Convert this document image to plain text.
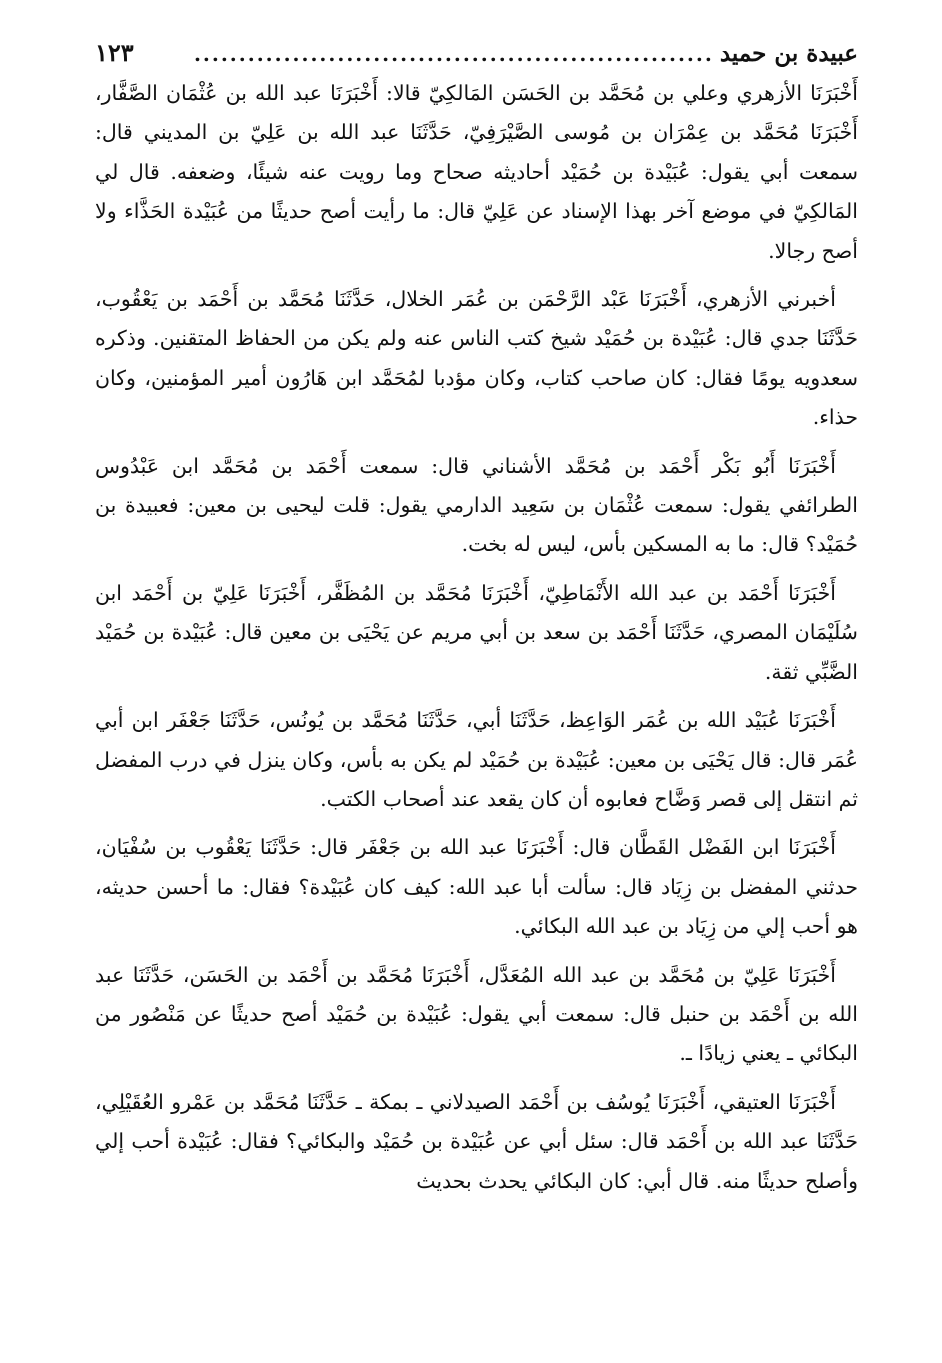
عبيدة بن حميد
..........................................................
١٢٣

أَخْبَرَنَا الأزهري وعلي بن مُحَمَّد بن الحَسَن المَالكِيّ قالا: أَخْبَرَنَا عبد الله بن عُثْمَان الصَّفَّار، أَخْبَرَنَا مُحَمَّد بن عِمْرَان بن مُوسى الصَّيْرَفِيّ، حَدَّثَنَا عبد الله بن عَلِيّ بن المديني قال: سمعت أبي يقول: عُبَيْدة بن حُمَيْد أحاديثه صحاح وما رويت عنه شيئًا، وضعفه. قال لي المَالكِيّ في موضع آخر بهذا الإسناد عن عَلِيّ قال: ما رأيت أصح حديثًا من عُبَيْدة الحَذَّاء ولا أصح رجالا.

أخبرني الأزهري، أَخْبَرَنَا عَبْد الرَّحْمَن بن عُمَر الخلال، حَدَّثَنَا مُحَمَّد بن أَحْمَد بن يَعْقُوب، حَدَّثَنَا جدي قال: عُبَيْدة بن حُمَيْد شيخ كتب الناس عنه ولم يكن من الحفاظ المتقنين. وذكره سعدويه يومًا فقال: كان صاحب كتاب، وكان مؤدبا لمُحَمَّد ابن هَارُون أمير المؤمنين، وكان حذاء.

أَخْبَرَنَا أَبُو بَكْر أَحْمَد بن مُحَمَّد الأشناني قال: سمعت أَحْمَد بن مُحَمَّد ابن عَبْدُوس الطرائفي يقول: سمعت عُثْمَان بن سَعِيد الدارمي يقول: قلت ليحيى بن معين: فعبيدة بن حُمَيْد؟ قال: ما به المسكين بأس، ليس له بخت.

أَخْبَرَنَا أَحْمَد بن عبد الله الأَنْمَاطِيّ، أَخْبَرَنَا مُحَمَّد بن المُظَفَّر، أَخْبَرَنَا عَلِيّ بن أَحْمَد ابن سُلَيْمَان المصري، حَدَّثَنَا أَحْمَد بن سعد بن أبي مريم عن يَحْيَى بن معين قال: عُبَيْدة بن حُمَيْد الضَّبِّي ثقة.

أَخْبَرَنَا عُبَيْد الله بن عُمَر الوَاعِظ، حَدَّثَنَا أبي، حَدَّثَنَا مُحَمَّد بن يُونُس، حَدَّثَنَا جَعْفَر ابن أبي عُمَر قال: قال يَحْيَى بن معين: عُبَيْدة بن حُمَيْد لم يكن به بأس، وكان ينزل في درب المفضل ثم انتقل إلى قصر وَضَّاح فعابوه أن كان يقعد عند أصحاب الكتب.

أَخْبَرَنَا ابن الفَضْل القَطَّان قال: أَخْبَرَنَا عبد الله بن جَعْفَر قال: حَدَّثَنَا يَعْقُوب بن سُفْيَان، حدثني المفضل بن زِيَاد قال: سألت أبا عبد الله: كيف كان عُبَيْدة؟ فقال: ما أحسن حديثه، هو أحب إلي من زِيَاد بن عبد الله البكائي.

أَخْبَرَنَا عَلِيّ بن مُحَمَّد بن عبد الله المُعَدَّل، أَخْبَرَنَا مُحَمَّد بن أَحْمَد بن الحَسَن، حَدَّثَنَا عبد الله بن أَحْمَد بن حنبل قال: سمعت أبي يقول: عُبَيْدة بن حُمَيْد أصح حديثًا عن مَنْصُور من البكائي ـ يعني زيادًا ـ.

أَخْبَرَنَا العتيقي، أَخْبَرَنَا يُوسُف بن أَحْمَد الصيدلاني ـ بمكة ـ حَدَّثَنَا مُحَمَّد بن عَمْرو العُقَيْلِي، حَدَّثَنَا عبد الله بن أَحْمَد قال: سئل أبي عن عُبَيْدة بن حُمَيْد والبكائي؟ فقال: عُبَيْدة أحب إلي وأصلح حديثًا منه. قال أبي: كان البكائي يحدث بحديث
